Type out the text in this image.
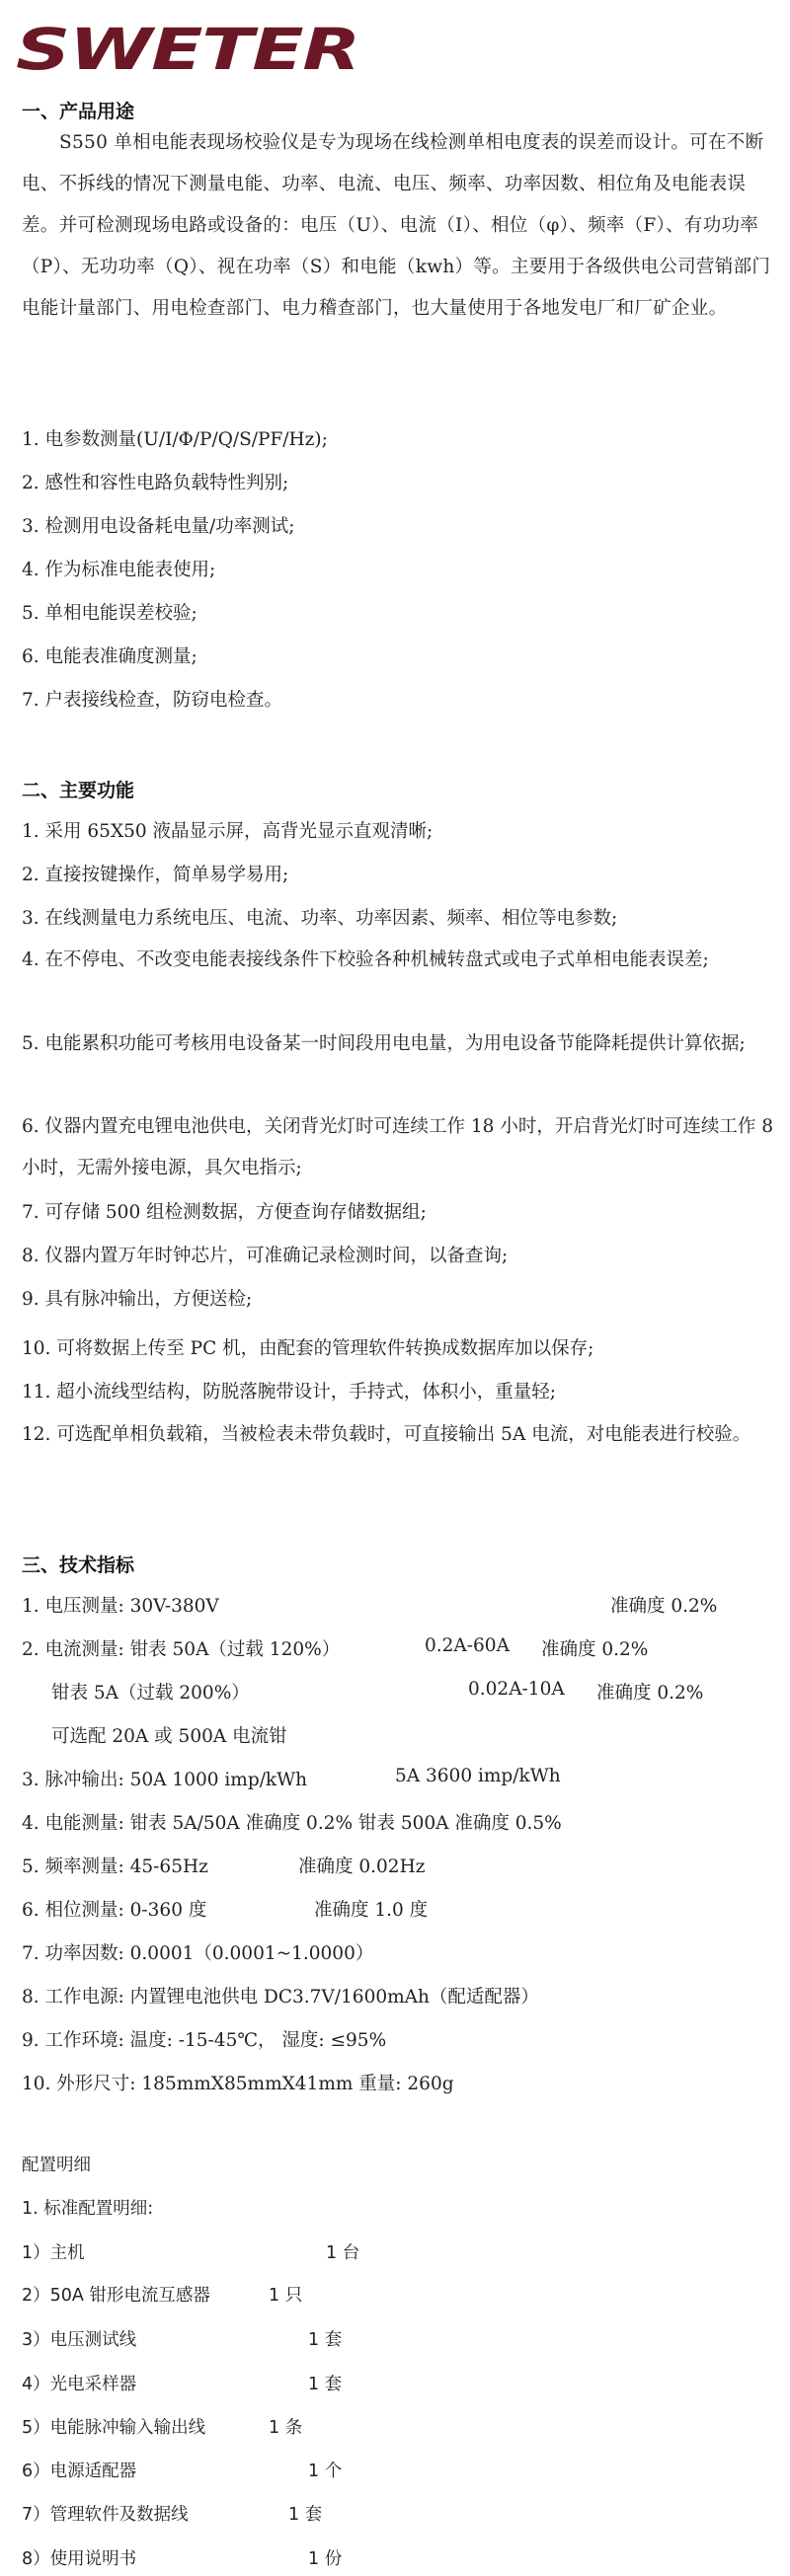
SWETER
一、产品用途
S550 单相电能表现场校验仪是专为现场在线检测单相电度表的误差而设计。可在不断电、不拆线的情况下测量电能、功率、电流、电压、频率、功率因数、相位角及电能表误差。并可检测现场电路或设备的：电压（U）、电流（I）、相位（φ）、频率（F）、有功功率（P）、无功功率（Q）、视在功率（S）和电能（kwh）等。主要用于各级供电公司营销部门 电能计量部门、用电检查部门、电力稽查部门，也大量使用于各地发电厂和厂矿企业。
1. 电参数测量(U/I/Φ/P/Q/S/PF/Hz);
2. 感性和容性电路负载特性判别;
3. 检测用电设备耗电量/功率测试;
4. 作为标准电能表使用;
5. 单相电能误差校验;
6. 电能表准确度测量;
7. 户表接线检查，防窃电检查。
二、主要功能
1. 采用 65X50 液晶显示屏，高背光显示直观清晰;
2. 直接按键操作，简单易学易用;
3. 在线测量电力系统电压、电流、功率、功率因素、频率、相位等电参数;
4. 在不停电、不改变电能表接线条件下校验各种机械转盘式或电子式单相电能表误差;
5. 电能累积功能可考核用电设备某一时间段用电电量，为用电设备节能降耗提供计算依据;
6. 仪器内置充电锂电池供电，关闭背光灯时可连续工作 18 小时，开启背光灯时可连续工作 8 小时，无需外接电源，具欠电指示;
7. 可存储 500 组检测数据，方便查询存储数据组;
8. 仪器内置万年时钟芯片，可准确记录检测时间，以备查询;
9. 具有脉冲输出，方便送检;
10. 可将数据上传至 PC 机，由配套的管理软件转换成数据库加以保存;
11. 超小流线型结构，防脱落腕带设计，手持式，体积小，重量轻;
12. 可选配单相负载箱，当被检表未带负载时，可直接输出 5A 电流，对电能表进行校验。
三、技术指标
1. 电压测量: 30V-380V	准确度 0.2%
2. 电流测量: 钳表 50A（过载 120%）	0.2A-60A 准确度 0.2%
钳表 5A（过载 200%）	0.02A-10A 准确度 0.2%
可选配 20A 或 500A 电流钳
3. 脉冲输出: 50A 1000 imp/kWh	5A 3600 imp/kWh
4. 电能测量: 钳表 5A/50A 准确度 0.2% 钳表 500A 准确度 0.5%
5. 频率测量: 45-65Hz	准确度 0.02Hz
6. 相位测量: 0-360 度	准确度 1.0 度
7. 功率因数: 0.0001（0.0001~1.0000）
8. 工作电源: 内置锂电池供电 DC3.7V/1600mAh（配适配器）
9. 工作环境: 温度: -15-45℃， 湿度: ≤95%
10. 外形尺寸: 185mmX85mmX41mm 重量: 260g
配置明细
1. 标准配置明细:
1）主机	1 台
2）50A 钳形电流互感器	1 只
3）电压测试线	1 套
4）光电采样器	1 套
5）电能脉冲输入输出线	1 条
6）电源适配器	1 个
7）管理软件及数据线	1 套
8）使用说明书	1 份
